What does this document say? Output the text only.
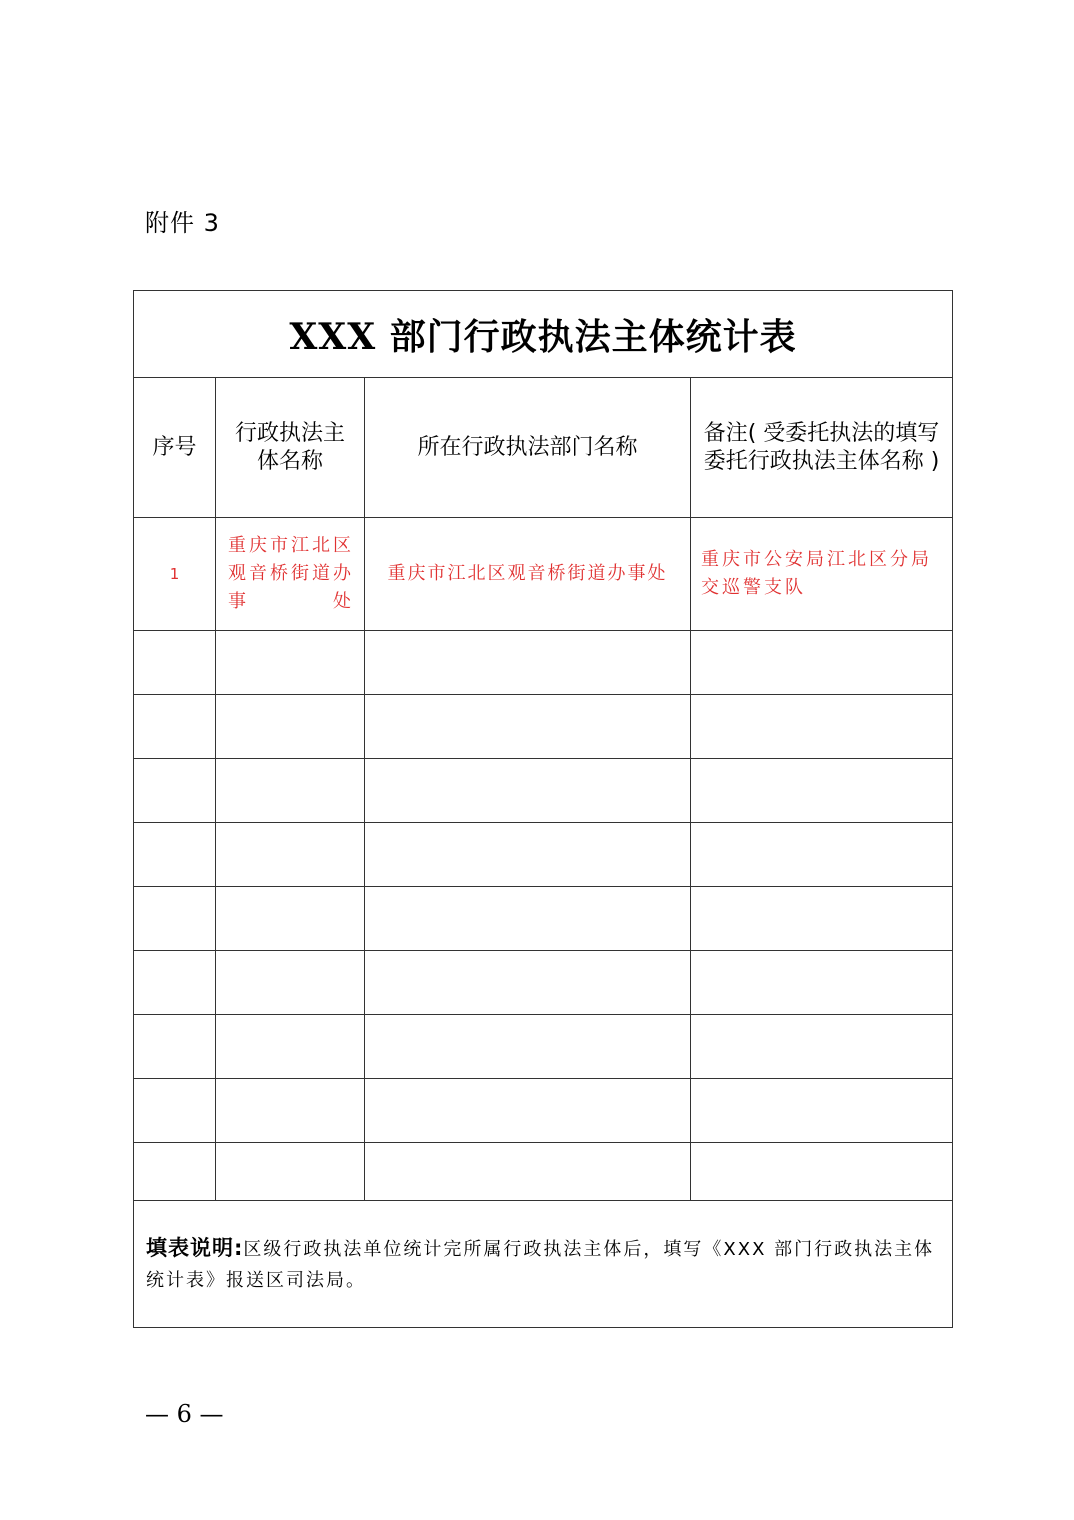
附件 3
XXX 部门行政执法主体统计表			
序号	行政执法主体名称	所在行政执法部门名称	备注( 受委托执法的填写委托行政执法主体名称 )
1	重庆市江北区观音桥街道办事处	重庆市江北区观音桥街道办事处	重庆市公安局江北区分局交巡警支队

填表说明:区级行政执法单位统计完所属行政执法主体后，填写《XXX 部门行政执法主体统计表》报送区司法局。			
— 6 —
